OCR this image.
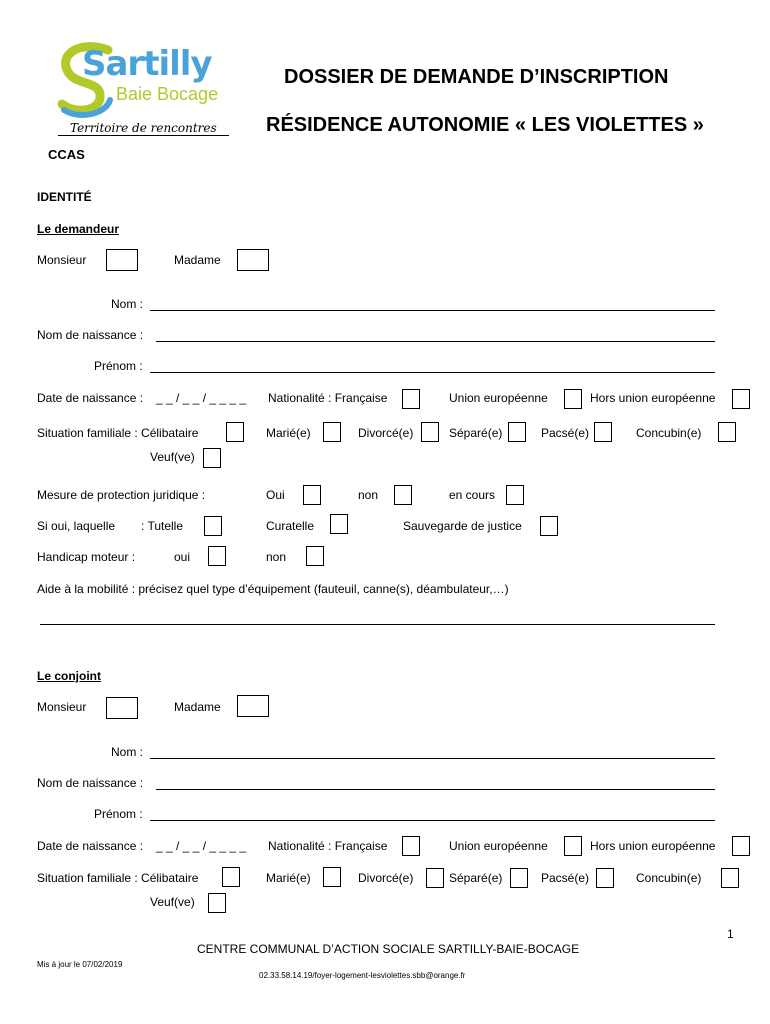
Sartilly
Baie Bocage
Territoire de rencontres
CCAS
DOSSIER DE DEMANDE D’INSCRIPTION
RÉSIDENCE AUTONOMIE « LES VIOLETTES »
IDENTITÉ
Le demandeur
Monsieur	Madame
Nom :
Nom de naissance :
Prénom :
Date de naissance : _ _ / _ _ / _ _ _ _ Nationalité : Française	Union européenne	Hors union européenne
Situation familiale : Célibataire	Marié(e)	Divorcé(e)	Séparé(e)	Pacsé(e)	Concubin(e)
Veuf(ve)
Mesure de protection juridique :	Oui	non	en cours
Si oui, laquelle : Tutelle	Curatelle	Sauvegarde de justice
Handicap moteur :	oui	non
Aide à la mobilité : précisez quel type d’équipement (fauteuil, canne(s), déambulateur,…)
Le conjoint
Monsieur	Madame
Nom :
Nom de naissance :
Prénom :
Date de naissance : _ _ / _ _ / _ _ _ _ Nationalité : Française	Union européenne	Hors union européenne
Situation familiale : Célibataire	Marié(e)	Divorcé(e)	Séparé(e)	Pacsé(e)	Concubin(e)
Veuf(ve)
1
CENTRE COMMUNAL D’ACTION SOCIALE SARTILLY-BAIE-BOCAGE
Mis à jour le 07/02/2019
02.33.58.14.19/foyer-logement-lesviolettes.sbb@orange.fr
